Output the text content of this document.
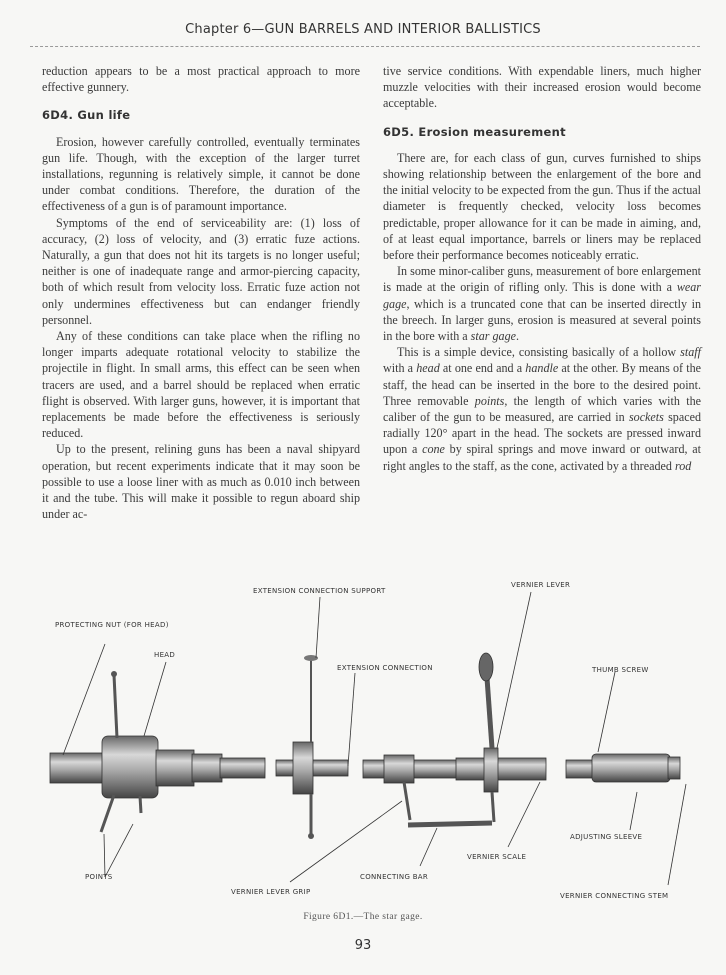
Chapter 6—GUN BARRELS AND INTERIOR BALLISTICS

reduction appears to be a most practical approach to more effective gunnery.

6D4. Gun life

Erosion, however carefully controlled, eventually terminates gun life. Though, with the exception of the larger turret installations, regunning is relatively simple, it cannot be done under combat conditions. Therefore, the duration of the effectiveness of a gun is of paramount importance.

Symptoms of the end of serviceability are: (1) loss of accuracy, (2) loss of velocity, and (3) erratic fuze actions. Naturally, a gun that does not hit its targets is no longer useful; neither is one of inadequate range and armor-piercing capacity, both of which result from velocity loss. Erratic fuze action not only undermines effectiveness but can endanger friendly personnel.

Any of these conditions can take place when the rifling no longer imparts adequate rotational velocity to stabilize the projectile in flight. In small arms, this effect can be seen when tracers are used, and a barrel should be replaced when erratic flight is observed. With larger guns, however, it is important that replacements be made before the effectiveness is seriously reduced.

Up to the present, relining guns has been a naval shipyard operation, but recent experiments indicate that it may soon be possible to use a loose liner with as much as 0.010 inch between it and the tube. This will make it possible to regun aboard ship under ac-

tive service conditions. With expendable liners, much higher muzzle velocities with their increased erosion would become acceptable.

6D5. Erosion measurement

There are, for each class of gun, curves furnished to ships showing relationship between the enlargement of the bore and the initial velocity to be expected from the gun. Thus if the actual diameter is frequently checked, velocity loss becomes predictable, proper allowance for it can be made in aiming, and, of at least equal importance, barrels or liners may be replaced before their performance becomes noticeably erratic.

In some minor-caliber guns, measurement of bore enlargement is made at the origin of rifling only. This is done with a wear gage, which is a truncated cone that can be inserted directly in the breech. In larger guns, erosion is measured at several points in the bore with a star gage.

This is a simple device, consisting basically of a hollow staff with a head at one end and a handle at the other. By means of the staff, the head can be inserted in the bore to the desired point. Three removable points, the length of which varies with the caliber of the gun to be measured, are carried in sockets spaced radially 120° apart in the head. The sockets are pressed inward upon a cone by spiral springs and move inward or outward, at right angles to the staff, as the cone, activated by a threaded rod

EXTENSION CONNECTION SUPPORT
VERNIER LEVER
PROTECTING NUT (FOR HEAD)
HEAD
EXTENSION CONNECTION	THUMB SCREW
ADJUSTING SLEEVE
VERNIER SCALE
POINTS	CONNECTING BAR
VERNIER LEVER GRIP	VERNIER CONNECTING STEM
Figure 6D1.—The star gage.
93
